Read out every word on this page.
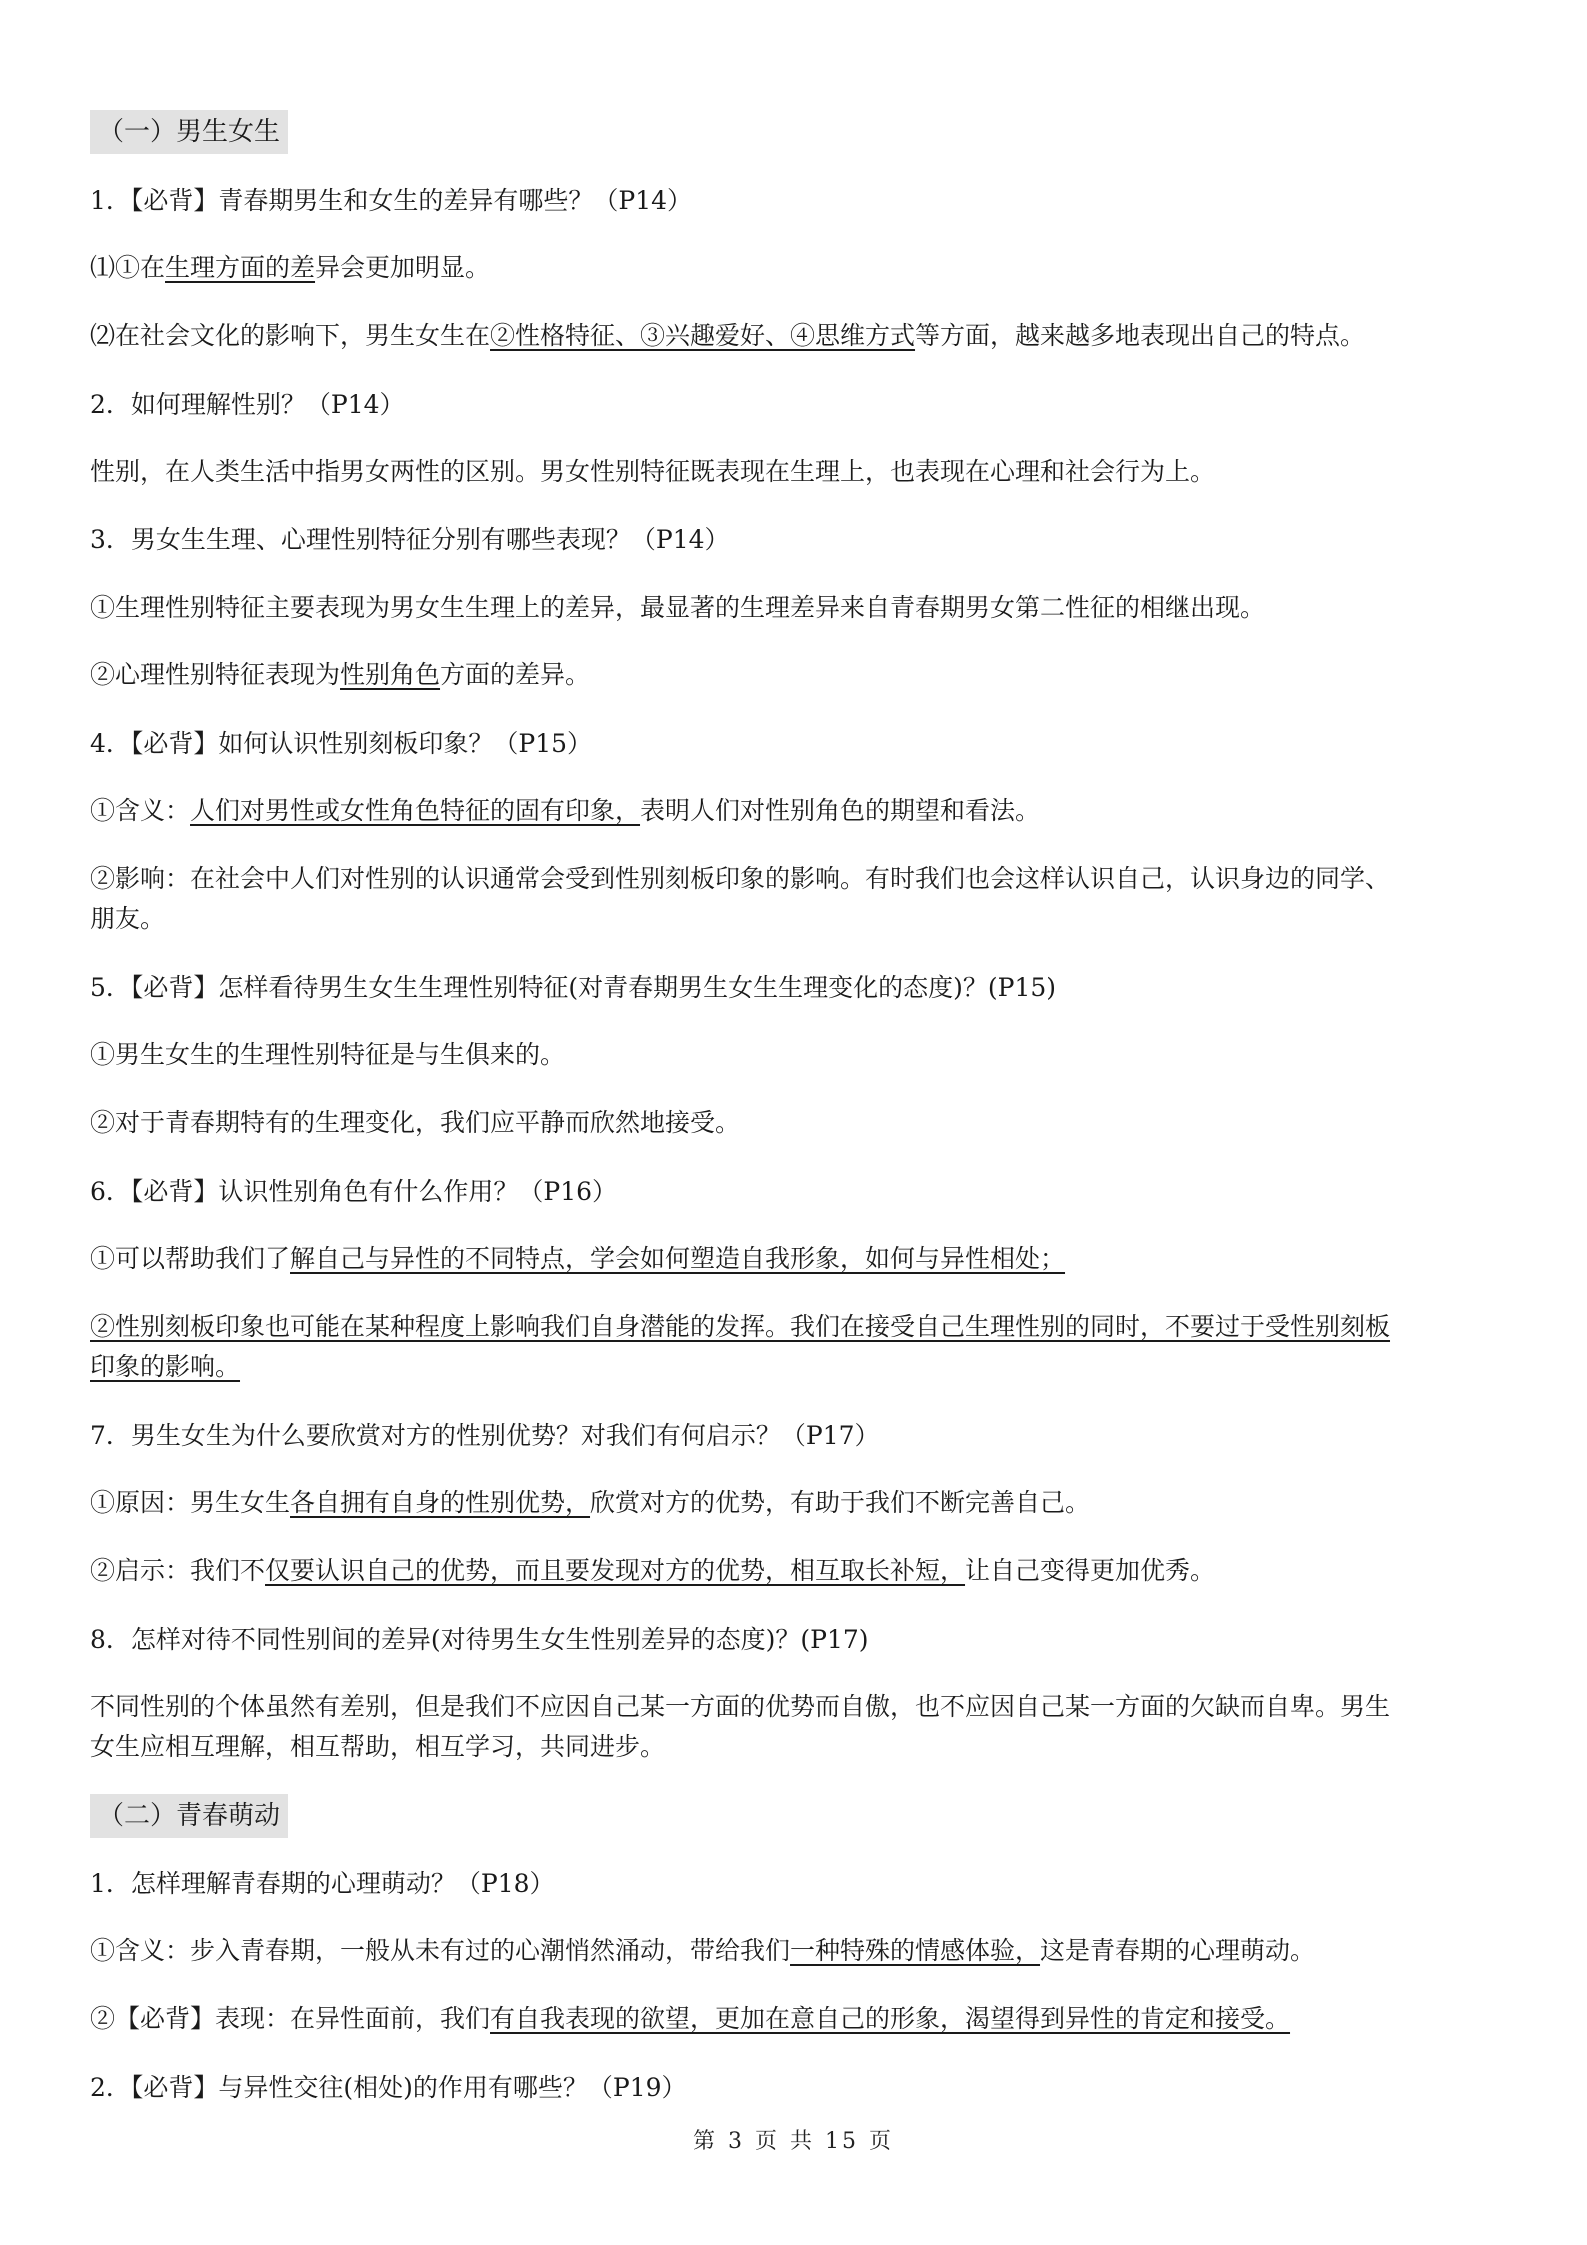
（一）男生女生
1．【必背】青春期男生和女生的差异有哪些？（P14）
⑴①在生理方面的差异会更加明显。
⑵在社会文化的影响下，男生女生在②性格特征、③兴趣爱好、④思维方式等方面，越来越多地表现出自己的特点。
2．如何理解性别？（P14）
性别，在人类生活中指男女两性的区别。男女性别特征既表现在生理上，也表现在心理和社会行为上。
3．男女生生理、心理性别特征分别有哪些表现？（P14）
①生理性别特征主要表现为男女生生理上的差异，最显著的生理差异来自青春期男女第二性征的相继出现。
②心理性别特征表现为性别角色方面的差异。
4．【必背】如何认识性别刻板印象？（P15）
①含义：人们对男性或女性角色特征的固有印象，表明人们对性别角色的期望和看法。
②影响：在社会中人们对性别的认识通常会受到性别刻板印象的影响。有时我们也会这样认识自己，认识身边的同学、
朋友。
5．【必背】怎样看待男生女生生理性别特征(对青春期男生女生生理变化的态度)？(P15)
①男生女生的生理性别特征是与生俱来的。
②对于青春期特有的生理变化，我们应平静而欣然地接受。
6．【必背】认识性别角色有什么作用？（P16）
①可以帮助我们了解自己与异性的不同特点，学会如何塑造自我形象，如何与异性相处；
②性别刻板印象也可能在某种程度上影响我们自身潜能的发挥。我们在接受自己生理性别的同时，不要过于受性别刻板
印象的影响。
7．男生女生为什么要欣赏对方的性别优势？对我们有何启示？（P17）
①原因：男生女生各自拥有自身的性别优势，欣赏对方的优势，有助于我们不断完善自己。
②启示：我们不仅要认识自己的优势，而且要发现对方的优势，相互取长补短，让自己变得更加优秀。
8．怎样对待不同性别间的差异(对待男生女生性别差异的态度)？(P17)
不同性别的个体虽然有差别，但是我们不应因自己某一方面的优势而自傲，也不应因自己某一方面的欠缺而自卑。男生
女生应相互理解，相互帮助，相互学习，共同进步。
（二）青春萌动
1．怎样理解青春期的心理萌动？（P18）
①含义：步入青春期，一般从未有过的心潮悄然涌动，带给我们一种特殊的情感体验，这是青春期的心理萌动。
②【必背】表现：在异性面前，我们有自我表现的欲望，更加在意自己的形象，渴望得到异性的肯定和接受。
2．【必背】与异性交往(相处)的作用有哪些？（P19）
第 3 页 共 15 页
